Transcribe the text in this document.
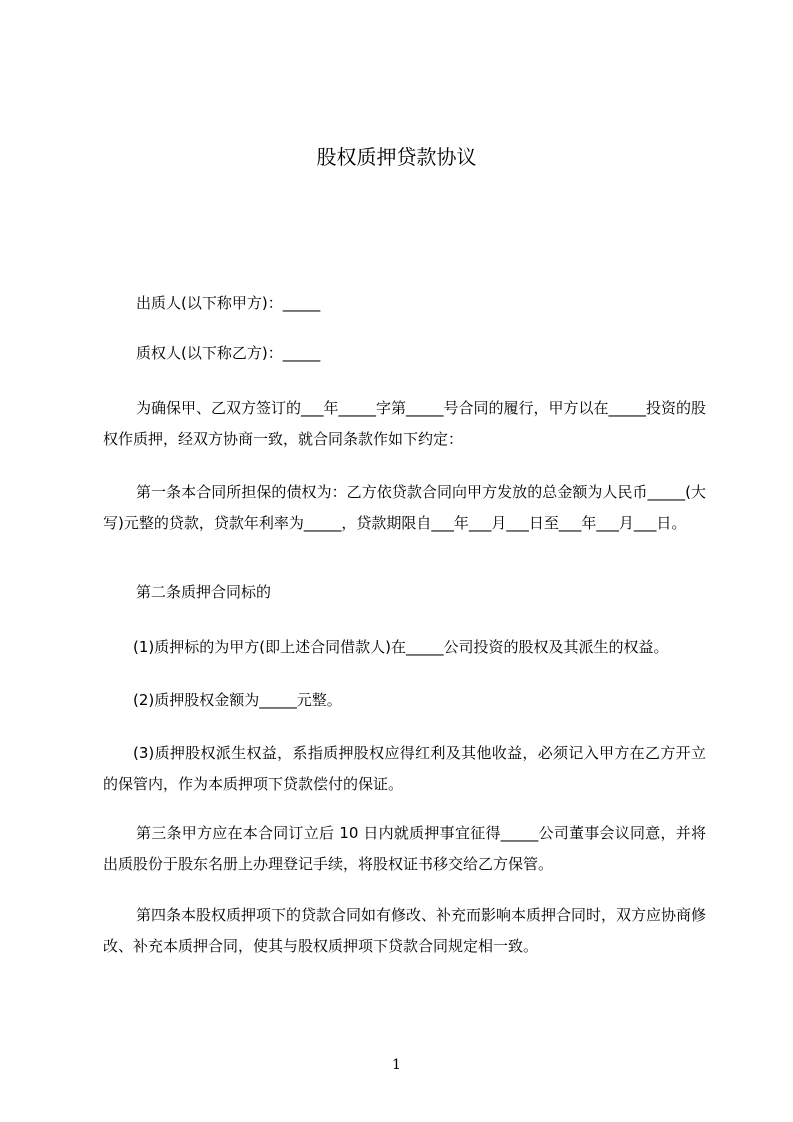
股权质押贷款协议

出质人(以下称甲方)：_____

质权人(以下称乙方)：_____

为确保甲、乙双方签订的___年_____字第_____号合同的履行，甲方以在_____投资的股权作质押，经双方协商一致，就合同条款作如下约定：

第一条本合同所担保的债权为：乙方依贷款合同向甲方发放的总金额为人民币_____(大写)元整的贷款，贷款年利率为_____，贷款期限自___年___月___日至___年___月___日。

第二条质押合同标的

(1)质押标的为甲方(即上述合同借款人)在_____公司投资的股权及其派生的权益。

(2)质押股权金额为_____元整。

(3)质押股权派生权益，系指质押股权应得红利及其他收益，必须记入甲方在乙方开立的保管内，作为本质押项下贷款偿付的保证。

第三条甲方应在本合同订立后 10 日内就质押事宜征得_____公司董事会议同意，并将出质股份于股东名册上办理登记手续，将股权证书移交给乙方保管。

第四条本股权质押项下的贷款合同如有修改、补充而影响本质押合同时，双方应协商修改、补充本质押合同，使其与股权质押项下贷款合同规定相一致。

1
